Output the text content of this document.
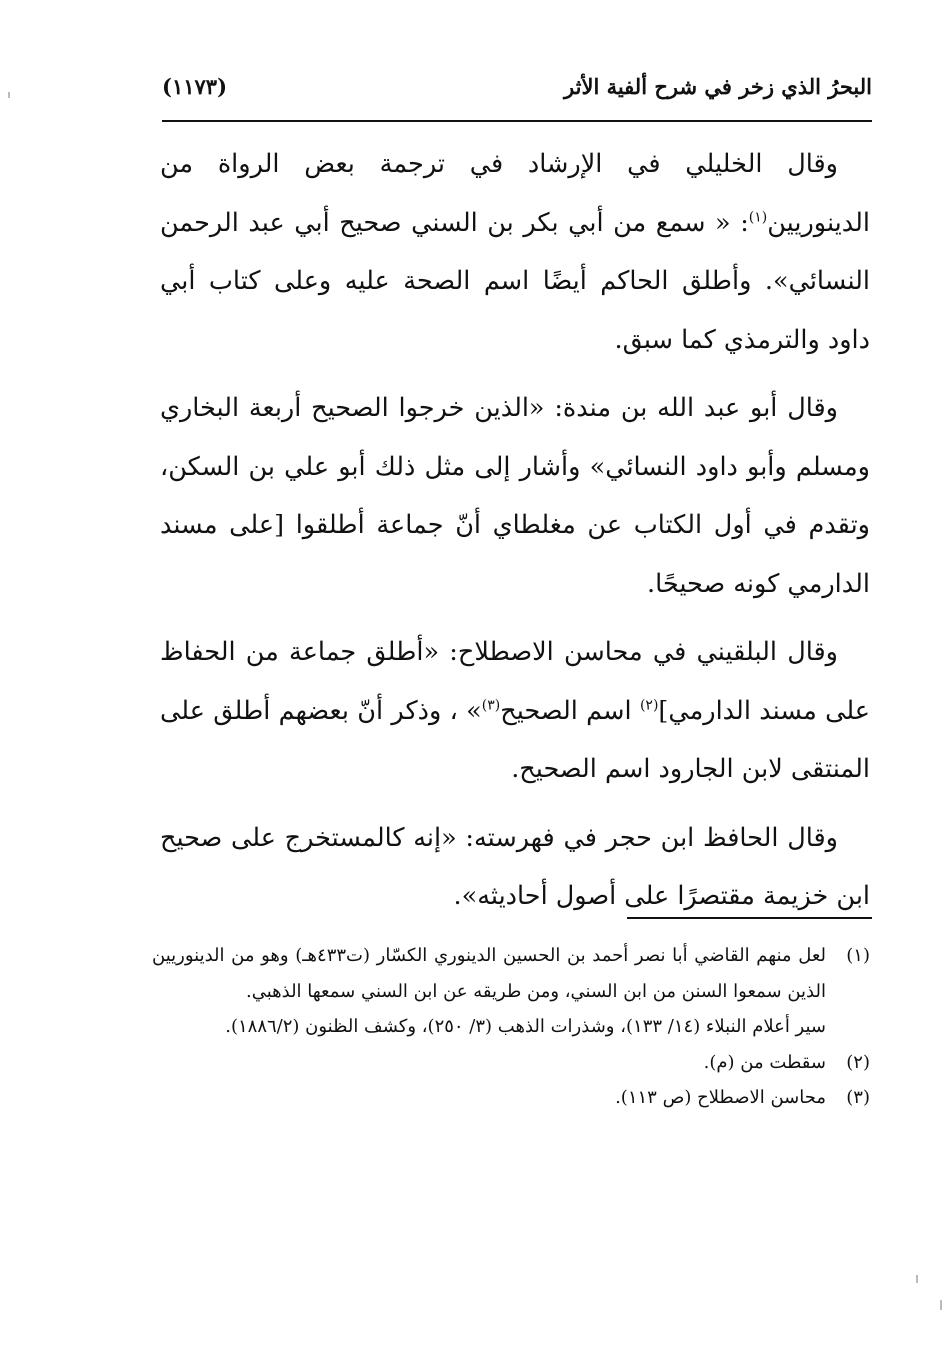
البحرُ الذي زخر في شرح ألفية الأثر
(١١٧٣)

وقال الخليلي في الإرشاد في ترجمة بعض الرواة من الدينوريين$^{(١)}$: « سمع من أبي بكر بن السني صحيح أبي عبد الرحمن النسائي». وأطلق الحاكم أيضًا اسم الصحة عليه وعلى كتاب أبي داود والترمذي كما سبق.

وقال أبو عبد الله بن مندة: «الذين خرجوا الصحيح أربعة البخاري ومسلم وأبو داود النسائي» وأشار إلى مثل ذلك أبو علي بن السكن، وتقدم في أول الكتاب عن مغلطاي أنّ جماعة أطلقوا [على مسند الدارمي كونه صحيحًا.

وقال البلقيني في محاسن الاصطلاح: «أطلق جماعة من الحفاظ على مسند الدارمي]$^{(٢)}$ اسم الصحيح$^{(٣)}$» ، وذكر أنّ بعضهم أطلق على المنتقى لابن الجارود اسم الصحيح.

وقال الحافظ ابن حجر في فهرسته: «إنه كالمستخرج على صحيح ابن خزيمة مقتصرًا على أصول أحاديثه».

(١)
لعل منهم القاضي أبا نصر أحمد بن الحسين الدينوري الكسّار (ت٤٣٣هـ) وهو من الدينوريين الذين سمعوا السنن من ابن السني، ومن طريقه عن ابن السني سمعها الذهبي.

سير أعلام النبلاء (١٤/ ١٣٣)، وشذرات الذهب (٣/ ٢٥٠)، وكشف الظنون (١٨٨٦/٢).

(٢)
سقطت من (م).

(٣)
محاسن الاصطلاح (ص ١١٣).
